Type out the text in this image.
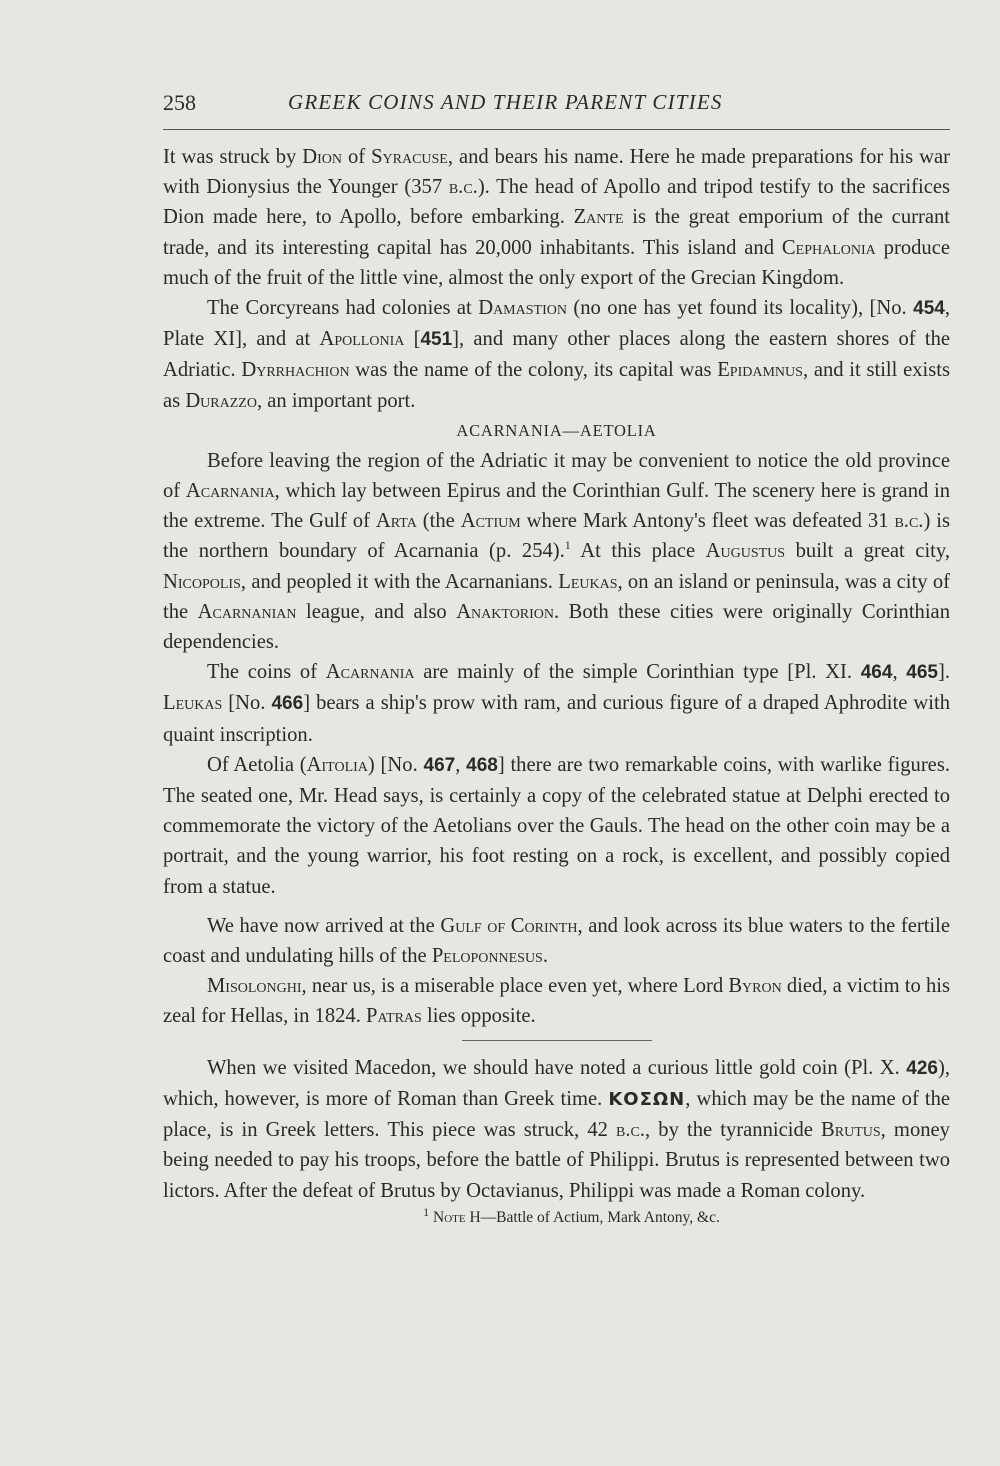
258	GREEK COINS AND THEIR PARENT CITIES

It was struck by Dion of Syracuse, and bears his name. Here he made preparations for his war with Dionysius the Younger (357 b.c.). The head of Apollo and tripod testify to the sacrifices Dion made here, to Apollo, before embarking. Zante is the great emporium of the currant trade, and its interesting capital has 20,000 inhabitants. This island and Cephalonia produce much of the fruit of the little vine, almost the only export of the Grecian Kingdom.

The Corcyreans had colonies at Damastion (no one has yet found its locality), [No. 454, Plate XI], and at Apollonia [451], and many other places along the eastern shores of the Adriatic. Dyrrhachion was the name of the colony, its capital was Epidamnus, and it still exists as Durazzo, an important port.

ACARNANIA—AETOLIA

Before leaving the region of the Adriatic it may be convenient to notice the old province of Acarnania, which lay between Epirus and the Corinthian Gulf. The scenery here is grand in the extreme. The Gulf of Arta (the Actium where Mark Antony's fleet was defeated 31 b.c.) is the northern boundary of Acarnania (p. 254).$^1$ At this place Augustus built a great city, Nicopolis, and peopled it with the Acarnanians. Leukas, on an island or peninsula, was a city of the Acarnanian league, and also Anaktorion. Both these cities were originally Corinthian dependencies.

The coins of Acarnania are mainly of the simple Corinthian type [Pl. XI. 464, 465]. Leukas [No. 466] bears a ship's prow with ram, and curious figure of a draped Aphrodite with quaint inscription.

Of Aetolia (Aitolia) [No. 467, 468] there are two remarkable coins, with warlike figures. The seated one, Mr. Head says, is certainly a copy of the celebrated statue at Delphi erected to commemorate the victory of the Aetolians over the Gauls. The head on the other coin may be a portrait, and the young warrior, his foot resting on a rock, is excellent, and possibly copied from a statue.

We have now arrived at the Gulf of Corinth, and look across its blue waters to the fertile coast and undulating hills of the Peloponnesus.

Misolonghi, near us, is a miserable place even yet, where Lord Byron died, a victim to his zeal for Hellas, in 1824. Patras lies opposite.

When we visited Macedon, we should have noted a curious little gold coin (Pl. X. 426), which, however, is more of Roman than Greek time. ΚΟΣΩΝ, which may be the name of the place, is in Greek letters. This piece was struck, 42 b.c., by the tyrannicide Brutus, money being needed to pay his troops, before the battle of Philippi. Brutus is represented between two lictors. After the defeat of Brutus by Octavianus, Philippi was made a Roman colony.

$^1$ Note H—Battle of Actium, Mark Antony, &c.
